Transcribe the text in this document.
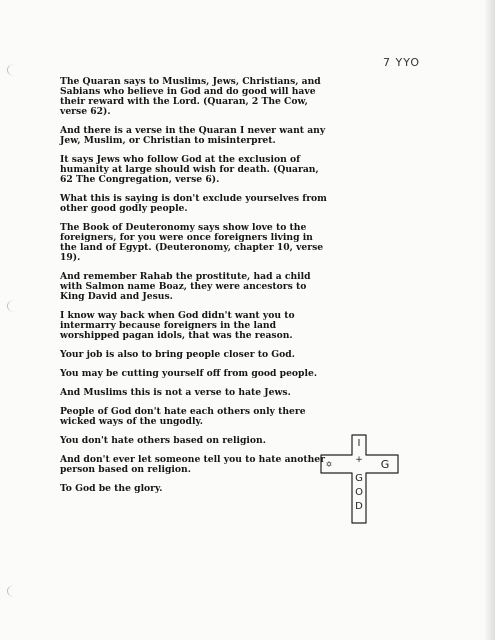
7 YYO

The Quaran says to Muslims, Jews, Christians, and
Sabians who believe in God and do good will have
their reward with the Lord. (Quaran, 2 The Cow,
verse 62).

And there is a verse in the Quaran I never want any
Jew, Muslim, or Christian to misinterpret.

It says Jews who follow God at the exclusion of
humanity at large should wish for death. (Quaran,
62 The Congregation, verse 6).

What this is saying is don't exclude yourselves from
other good godly people.

The Book of Deuteronomy says show love to the
foreigners, for you were once foreigners living in
the land of Egypt. (Deuteronomy, chapter 10, verse
19).

And remember Rahab the prostitute, had a child
with Salmon name Boaz, they were ancestors to
King David and Jesus.

I know way back when God didn't want you to
intermarry because foreigners in the land
worshipped pagan idols, that was the reason.

Your job is also to bring people closer to God.

You may be cutting yourself off from good people.

And Muslims this is not a verse to hate Jews.

People of God don't hate each others only there
wicked ways of the ungodly.

You don't hate others based on religion.

And don't ever let someone tell you to hate another
person based on religion.

To God be the glory.

I
+
✡	G
G
O
D
